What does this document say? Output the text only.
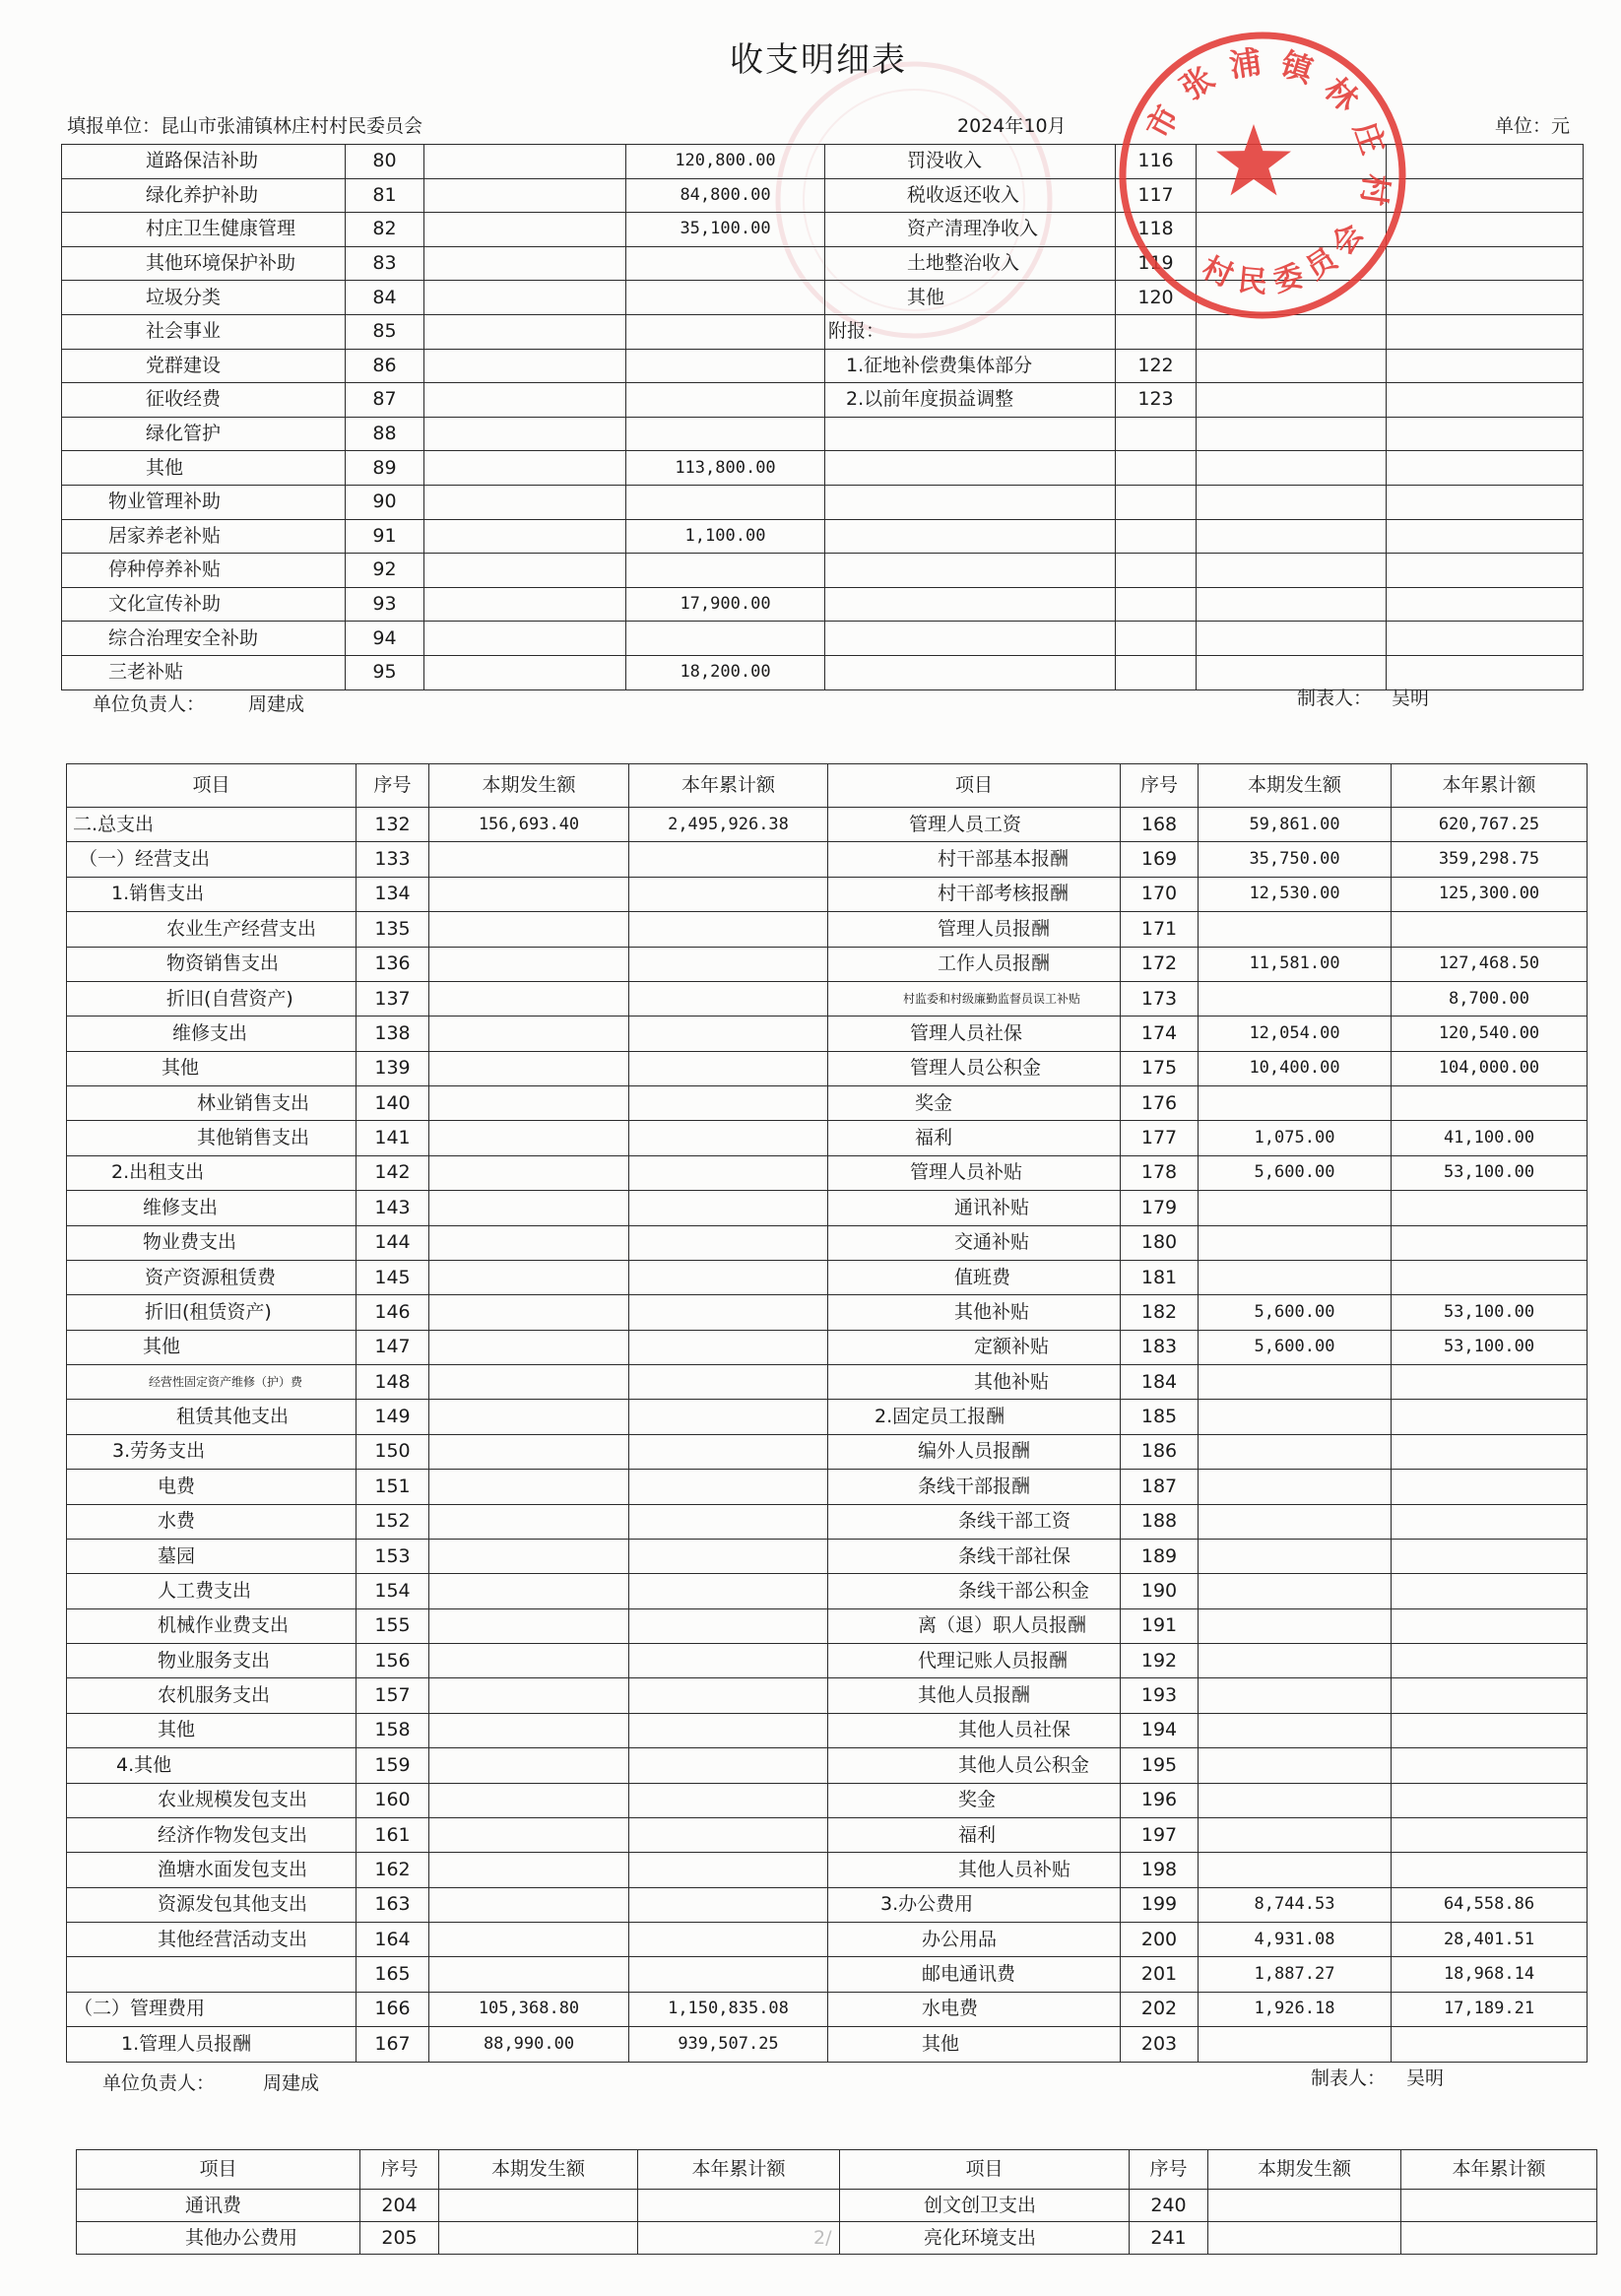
收支明细表
填报单位：昆山市张浦镇林庄村村民委员会	2024年10月	单位：元
单位负责人： 周建成	制表人： 吴明
单位负责人：	周建成	制表人： 吴明
道路保洁补助	80		120,800.00	罚没收入	116		
绿化养护补助	81		84,800.00	税收返还收入	117		
村庄卫生健康管理	82		35,100.00	资产清理净收入	118		
其他环境保护补助	83			土地整治收入	119		
垃圾分类	84			其他	120		
社会事业	85			附报：			
党群建设	86			1.征地补偿费集体部分	122		
征收经费	87			2.以前年度损益调整	123		
绿化管护	88						
其他	89		113,800.00				
物业管理补助	90						
居家养老补贴	91		1,100.00				
停种停养补贴	92						
文化宣传补助	93		17,900.00				
综合治理安全补助	94						
三老补贴	95		18,200.00				
项目	序号	本期发生额	本年累计额	项目	序号	本期发生额	本年累计额
二.总支出	132	156,693.40	2,495,926.38	管理人员工资	168	59,861.00	620,767.25
（一）经营支出	133			村干部基本报酬	169	35,750.00	359,298.75
1.销售支出	134			村干部考核报酬	170	12,530.00	125,300.00
农业生产经营支出	135			管理人员报酬	171		
物资销售支出	136			工作人员报酬	172	11,581.00	127,468.50
折旧(自营资产)	137			村监委和村级廉勤监督员误工补贴	173		8,700.00
维修支出	138			管理人员社保	174	12,054.00	120,540.00
其他	139			管理人员公积金	175	10,400.00	104,000.00
林业销售支出	140			奖金	176		
其他销售支出	141			福利	177	1,075.00	41,100.00
2.出租支出	142			管理人员补贴	178	5,600.00	53,100.00
维修支出	143			通讯补贴	179		
物业费支出	144			交通补贴	180		
资产资源租赁费	145			值班费	181		
折旧(租赁资产)	146			其他补贴	182	5,600.00	53,100.00
其他	147			定额补贴	183	5,600.00	53,100.00
经营性固定资产维修（护）费	148			其他补贴	184		
租赁其他支出	149			2.固定员工报酬	185		
3.劳务支出	150			编外人员报酬	186		
电费	151			条线干部报酬	187		
水费	152			条线干部工资	188		
墓园	153			条线干部社保	189		
人工费支出	154			条线干部公积金	190		
机械作业费支出	155			离（退）职人员报酬	191		
物业服务支出	156			代理记账人员报酬	192		
农机服务支出	157			其他人员报酬	193		
其他	158			其他人员社保	194		
4.其他	159			其他人员公积金	195		
农业规模发包支出	160			奖金	196		
经济作物发包支出	161			福利	197		
渔塘水面发包支出	162			其他人员补贴	198		
资源发包其他支出	163			3.办公费用	199	8,744.53	64,558.86
其他经营活动支出	164			办公用品	200	4,931.08	28,401.51
	165			邮电通讯费	201	1,887.27	18,968.14
（二）管理费用	166	105,368.80	1,150,835.08	水电费	202	1,926.18	17,189.21
1.管理人员报酬	167	88,990.00	939,507.25	其他	203		
项目	序号	本期发生额	本年累计额	项目	序号	本期发生额	本年累计额
通讯费	204			创文创卫支出	240		
其他办公费用	205			亮化环境支出	241		
2/
市张浦镇林庄村
村民委员会
